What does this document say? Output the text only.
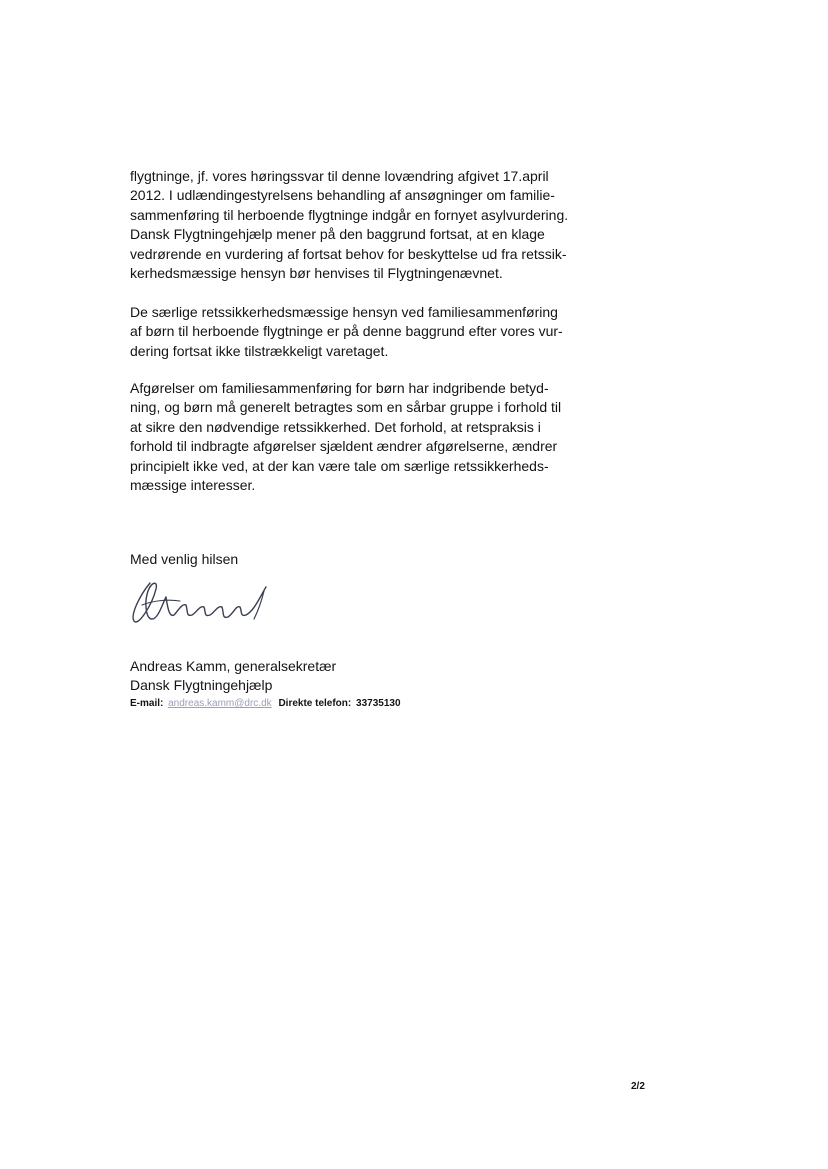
flygtninge, jf. vores høringssvar til denne lovændring afgivet 17.april
2012. I udlændingestyrelsens behandling af ansøgninger om familie-
sammenføring til herboende flygtninge indgår en fornyet asylvurdering.
Dansk Flygtningehjælp mener på den baggrund fortsat, at en klage
vedrørende en vurdering af fortsat behov for beskyttelse ud fra retssik-
kerhedsmæssige hensyn bør henvises til Flygtningenævnet.
De særlige retssikkerhedsmæssige hensyn ved familiesammenføring
af børn til herboende flygtninge er på denne baggrund efter vores vur-
dering fortsat ikke tilstrækkeligt varetaget.
Afgørelser om familiesammenføring for børn har indgribende betyd-
ning, og børn må generelt betragtes som en sårbar gruppe i forhold til
at sikre den nødvendige retssikkerhed. Det forhold, at retspraksis i
forhold til indbragte afgørelser sjældent ændrer afgørelserne, ændrer
principielt ikke ved, at der kan være tale om særlige retssikkerheds-
mæssige interesser.
Med venlig hilsen
Andreas Kamm, generalsekretær
Dansk Flygtningehjælp
E-mail: andreas.kamm@drc.dk Direkte telefon: 33735130
2/2
